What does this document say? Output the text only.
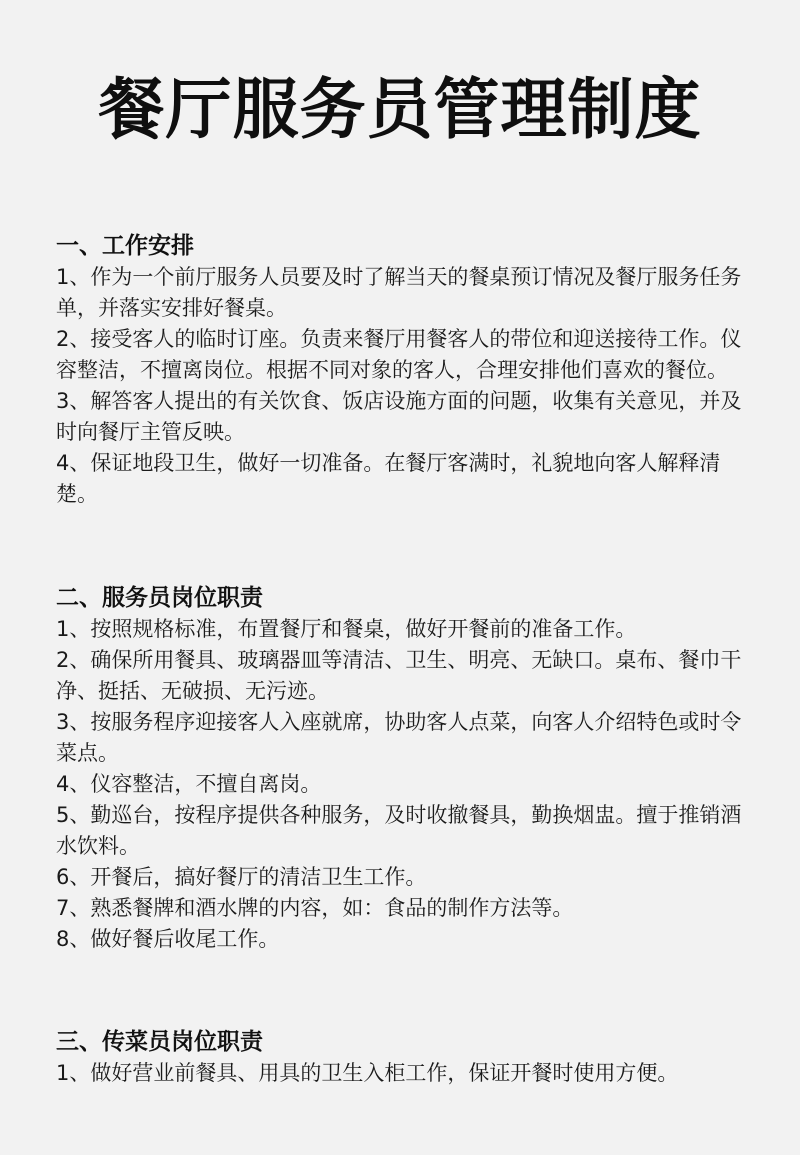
餐厅服务员管理制度

一、工作安排

1、作为一个前厅服务人员要及时了解当天的餐桌预订情况及餐厅服务任务单，并落实安排好餐桌。

2、接受客人的临时订座。负责来餐厅用餐客人的带位和迎送接待工作。仪容整洁，不擅离岗位。根据不同对象的客人，合理安排他们喜欢的餐位。

3、解答客人提出的有关饮食、饭店设施方面的问题，收集有关意见，并及时向餐厅主管反映。

4、保证地段卫生，做好一切准备。在餐厅客满时，礼貌地向客人解释清楚。

二、服务员岗位职责

1、按照规格标准，布置餐厅和餐桌，做好开餐前的准备工作。

2、确保所用餐具、玻璃器皿等清洁、卫生、明亮、无缺口。桌布、餐巾干净、挺括、无破损、无污迹。

3、按服务程序迎接客人入座就席，协助客人点菜，向客人介绍特色或时令菜点。

4、仪容整洁，不擅自离岗。

5、勤巡台，按程序提供各种服务，及时收撤餐具，勤换烟盅。擅于推销酒水饮料。

6、开餐后，搞好餐厅的清洁卫生工作。

7、熟悉餐牌和酒水牌的内容，如：食品的制作方法等。

8、做好餐后收尾工作。

三、传菜员岗位职责

1、做好营业前餐具、用具的卫生入柜工作，保证开餐时使用方便。
